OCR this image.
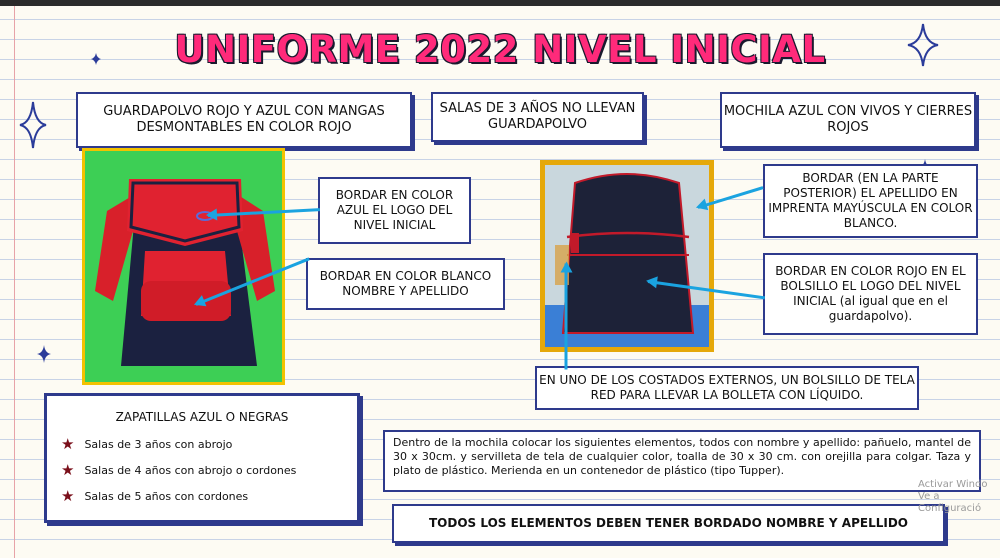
UNIFORME 2022 NIVEL INICIAL
GUARDAPOLVO ROJO Y AZUL CON MANGAS DESMONTABLES EN COLOR ROJO
SALAS DE 3 AÑOS NO LLEVAN GUARDAPOLVO
MOCHILA AZUL CON VIVOS Y CIERRES ROJOS
BORDAR EN COLOR AZUL EL LOGO DEL NIVEL INICIAL
BORDAR EN COLOR BLANCO NOMBRE Y APELLIDO
BORDAR (EN LA PARTE POSTERIOR) EL APELLIDO EN IMPRENTA MAYÚSCULA EN COLOR BLANCO.
BORDAR EN COLOR ROJO EN EL BOLSILLO EL LOGO DEL NIVEL INICIAL (al igual que en el guardapolvo).
EN UNO DE LOS COSTADOS EXTERNOS, UN BOLSILLO DE TELA RED PARA LLEVAR LA BOLLETA CON LÍQUIDO.
ZAPATILLAS AZUL O NEGRAS
★ Salas de 3 años con abrojo
★ Salas de 4 años con abrojo o cordones
★ Salas de 5 años con cordones
Dentro de la mochila colocar los siguientes elementos, todos con nombre y apellido: pañuelo, mantel de 30 x 30cm. y servilleta de tela de cualquier color, toalla de 30 x 30 cm. con orejilla para colgar. Taza y plato de plástico. Merienda en un contenedor de plástico (tipo Tupper).
TODOS LOS ELEMENTOS DEBEN TENER BORDADO NOMBRE Y APELLIDO
Activar Windo
Ve a Configuració
